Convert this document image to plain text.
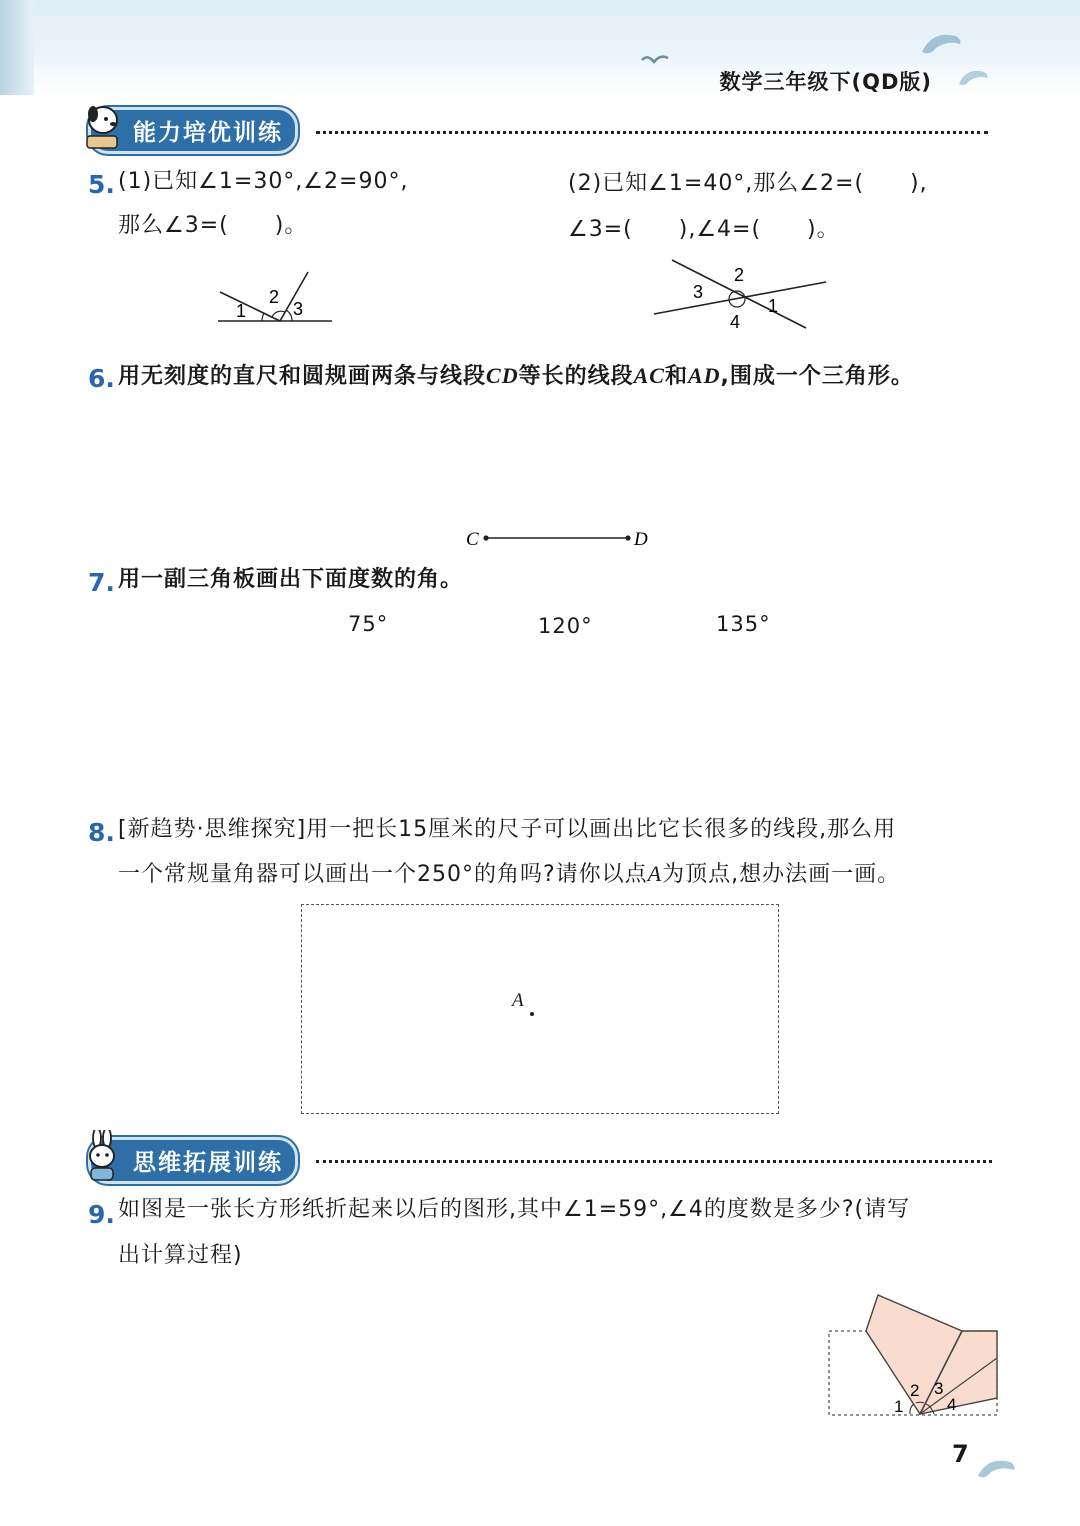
数学三年级下(QD版)
能力培优训练
5. (1)已知∠1=30°,∠2=90°,
那么∠3=(　　)。
(2)已知∠1=40°,那么∠2=(　　),
∠3=(　　),∠4=(　　)。
1
2
3
2
3
1
4
6. 用无刻度的直尺和圆规画两条与线段CD等长的线段AC和AD,围成一个三角形。
C	D
7. 用一副三角板画出下面度数的角。
75°	120°	135°
8. [新趋势·思维探究]用一把长15厘米的尺子可以画出比它长很多的线段,那么用
一个常规量角器可以画出一个250°的角吗?请你以点A为顶点,想办法画一画。
A
思维拓展训练
9. 如图是一张长方形纸折起来以后的图形,其中∠1=59°,∠4的度数是多少?(请写
出计算过程)
1
2 3
4
7
